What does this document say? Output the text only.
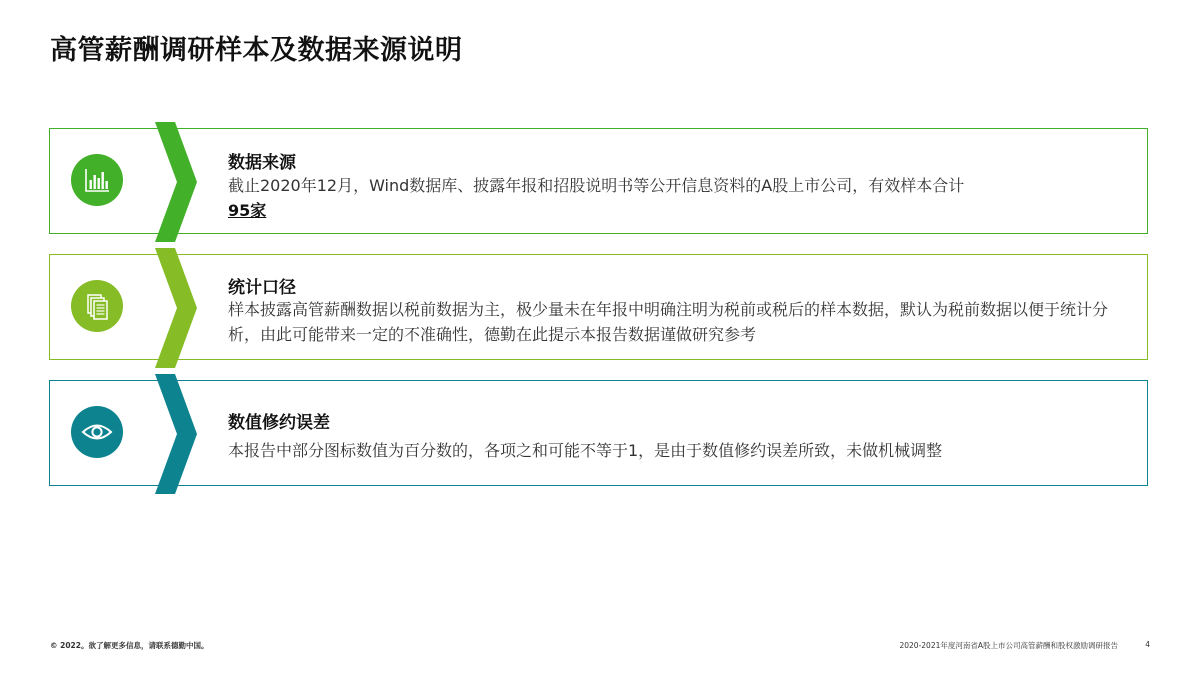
高管薪酬调研样本及数据来源说明
数据来源
截止2020年12月，Wind数据库、披露年报和招股说明书等公开信息资料的A股上市公司，有效样本合计
95家
统计口径
样本披露高管薪酬数据以税前数据为主，极少量未在年报中明确注明为税前或税后的样本数据，默认为税前数据以便于统计分析，由此可能带来一定的不准确性，德勤在此提示本报告数据谨做研究参考
数值修约误差
本报告中部分图标数值为百分数的，各项之和可能不等于1，是由于数值修约误差所致，未做机械调整
© 2022。欲了解更多信息，请联系德勤中国。	2020-2021年度河南省A股上市公司高管薪酬和股权激励调研报告	4
